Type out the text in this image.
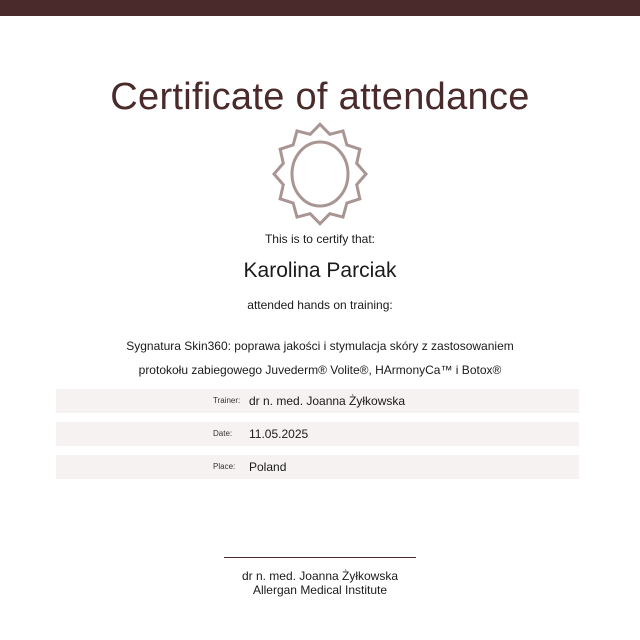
Certificate of attendance
This is to certify that:
Karolina Parciak
attended hands on training:
Sygnatura Skin360: poprawa jakości i stymulacja skóry z zastosowaniem
protokołu zabiegowego Juvederm® Volite®, HArmonyCa™ i Botox®
Trainer: dr n. med. Joanna Żyłkowska
Date: 11.05.2025
Place: Poland
dr n. med. Joanna Żyłkowska
Allergan Medical Institute
